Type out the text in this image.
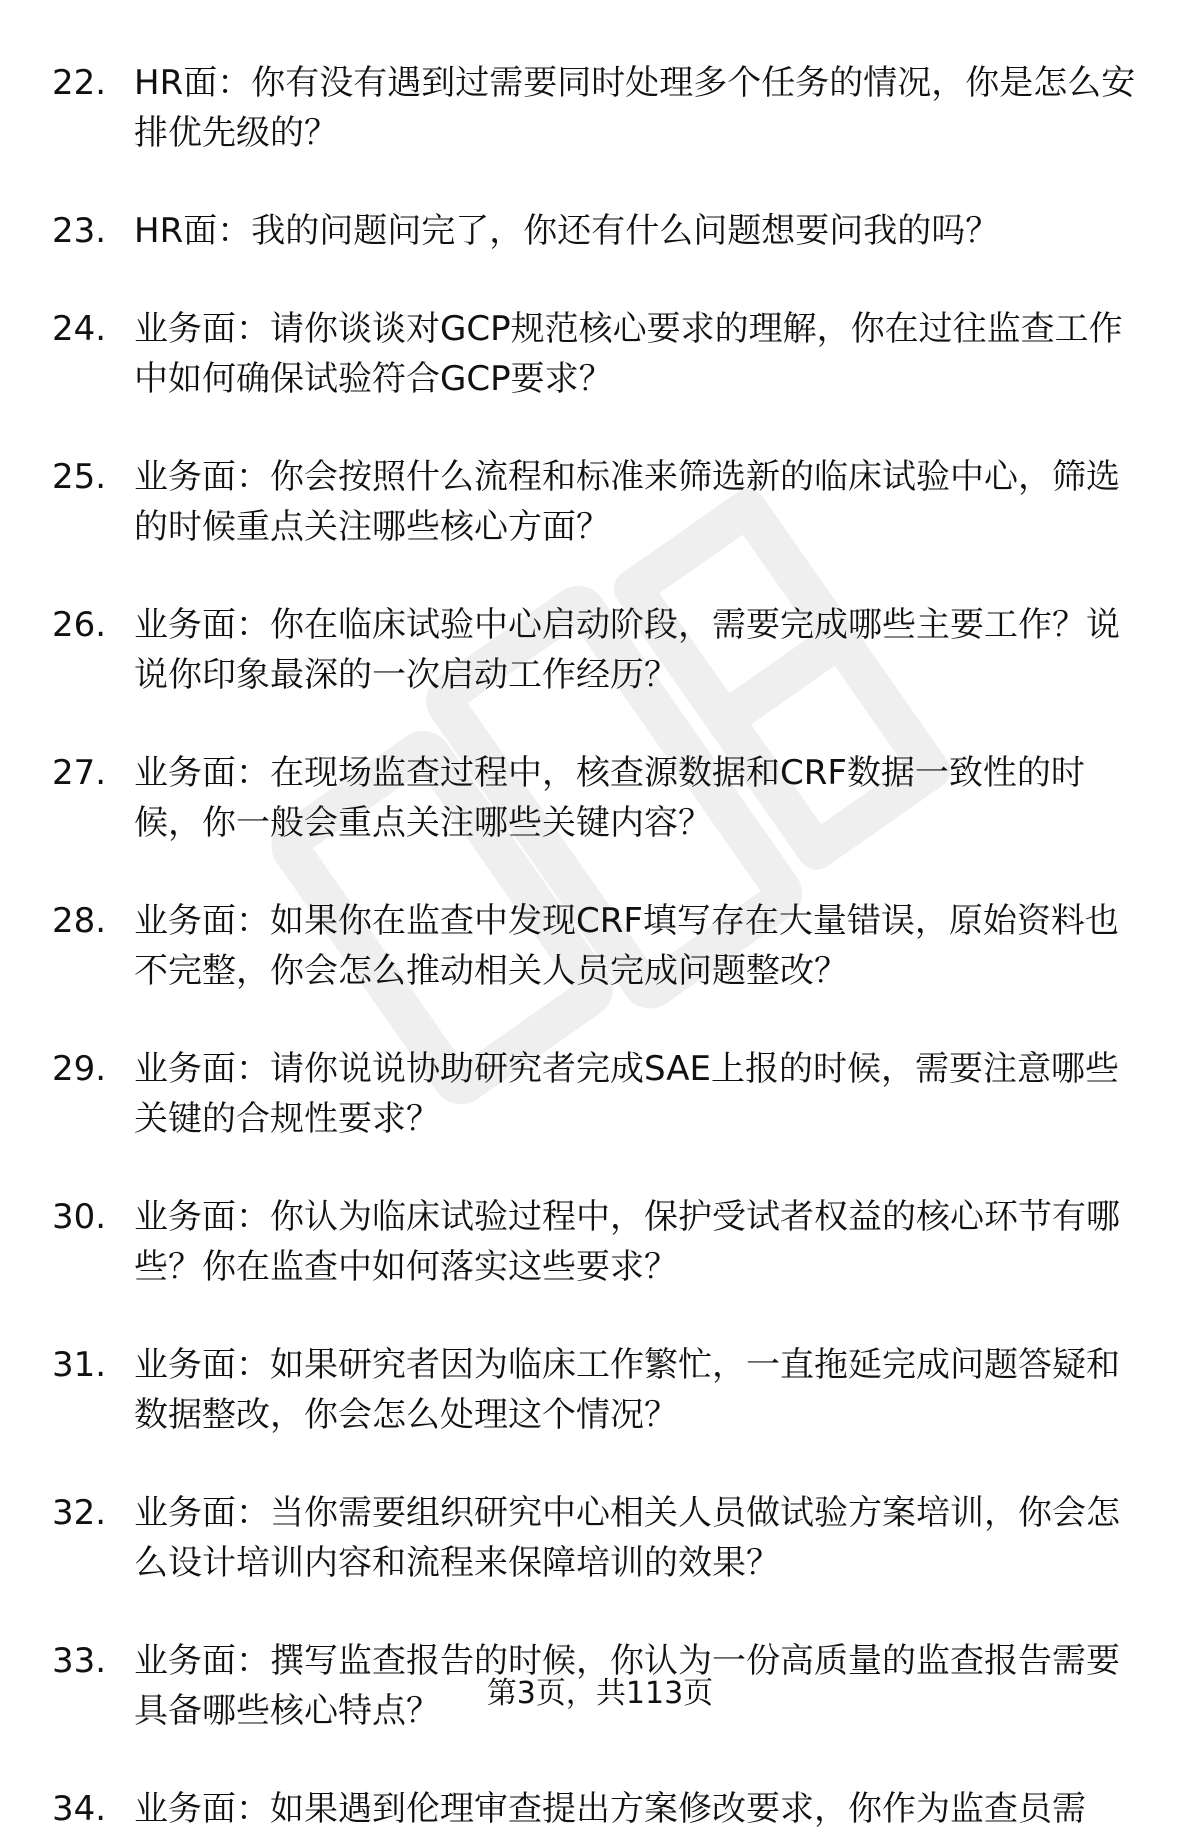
22. HR面：你有没有遇到过需要同时处理多个任务的情况，你是怎么安排优先级的？
23. HR面：我的问题问完了，你还有什么问题想要问我的吗？
24. 业务面：请你谈谈对GCP规范核心要求的理解，你在过往监查工作中如何确保试验符合GCP要求？
25. 业务面：你会按照什么流程和标准来筛选新的临床试验中心，筛选的时候重点关注哪些核心方面？
26. 业务面：你在临床试验中心启动阶段，需要完成哪些主要工作？说说你印象最深的一次启动工作经历？
27. 业务面：在现场监查过程中，核查源数据和CRF数据一致性的时候，你一般会重点关注哪些关键内容？
28. 业务面：如果你在监查中发现CRF填写存在大量错误，原始资料也不完整，你会怎么推动相关人员完成问题整改？
29. 业务面：请你说说协助研究者完成SAE上报的时候，需要注意哪些关键的合规性要求？
30. 业务面：你认为临床试验过程中，保护受试者权益的核心环节有哪些？你在监查中如何落实这些要求？
31. 业务面：如果研究者因为临床工作繁忙，一直拖延完成问题答疑和数据整改，你会怎么处理这个情况？
32. 业务面：当你需要组织研究中心相关人员做试验方案培训，你会怎么设计培训内容和流程来保障培训的效果？
33. 业务面：撰写监查报告的时候，你认为一份高质量的监查报告需要具备哪些核心特点？
34. 业务面：如果遇到伦理审查提出方案修改要求，你作为监查员需
第3页，共113页
